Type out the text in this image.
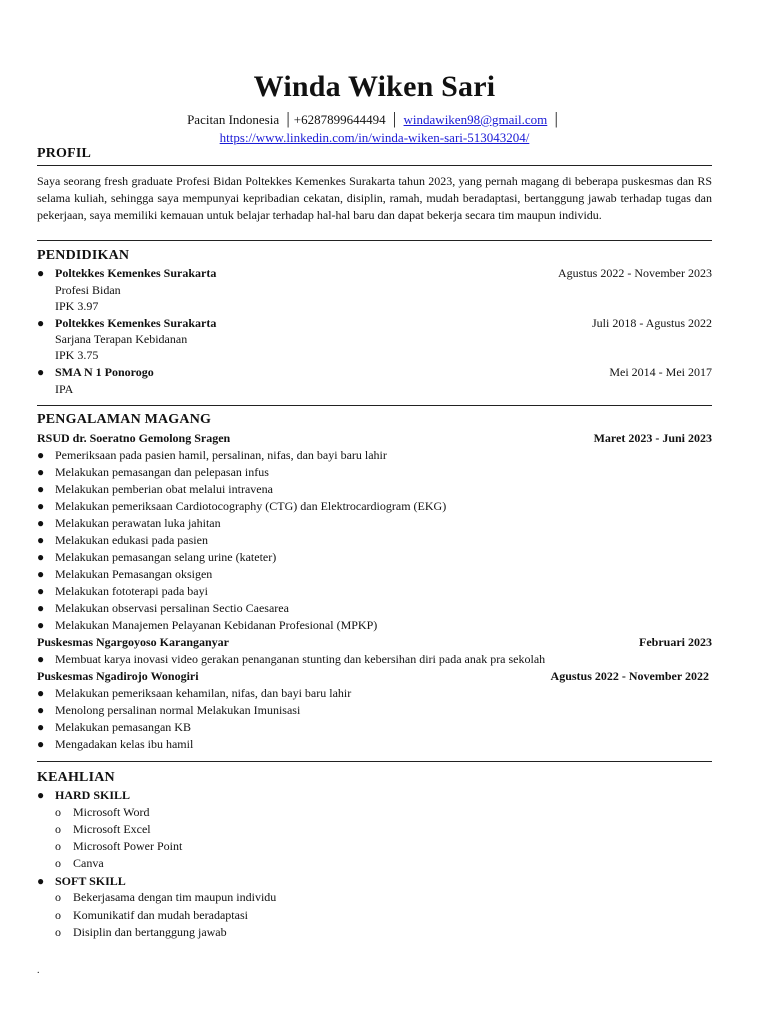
Winda Wiken Sari
Pacitan Indonesia | +6287899644494 | windawiken98@gmail.com |
https://www.linkedin.com/in/winda-wiken-sari-513043204/
PROFIL
Saya seorang fresh graduate Profesi Bidan Poltekkes Kemenkes Surakarta tahun 2023, yang pernah magang di beberapa puskesmas dan RS selama kuliah, sehingga saya mempunyai kepribadian cekatan, disiplin, ramah, mudah beradaptasi, bertanggung jawab terhadap tugas dan pekerjaan, saya memiliki kemauan untuk belajar terhadap hal-hal baru dan dapat bekerja secara tim maupun individu.
PENDIDIKAN
● Poltekkes Kemenkes Surakarta	Agustus 2022 - November 2023
Profesi Bidan
IPK 3.97
● Poltekkes Kemenkes Surakarta	Juli 2018 - Agustus 2022
Sarjana Terapan Kebidanan
IPK 3.75
● SMA N 1 Ponorogo	Mei 2014 - Mei 2017
IPA
PENGALAMAN MAGANG
RSUD dr. Soeratno Gemolong Sragen	Maret 2023 - Juni 2023
● Pemeriksaan pada pasien hamil, persalinan, nifas, dan bayi baru lahir
● Melakukan pemasangan dan pelepasan infus
● Melakukan pemberian obat melalui intravena
● Melakukan pemeriksaan Cardiotocography (CTG) dan Elektrocardiogram (EKG)
● Melakukan perawatan luka jahitan
● Melakukan edukasi pada pasien
● Melakukan pemasangan selang urine (kateter)
● Melakukan Pemasangan oksigen
● Melakukan fototerapi pada bayi
● Melakukan observasi persalinan Sectio Caesarea
● Melakukan Manajemen Pelayanan Kebidanan Profesional (MPKP)
Puskesmas Ngargoyoso Karanganyar	Februari 2023
● Membuat karya inovasi video gerakan penanganan stunting dan kebersihan diri pada anak pra sekolah
Puskesmas Ngadirojo Wonogiri	Agustus 2022 - November 2022
● Melakukan pemeriksaan kehamilan, nifas, dan bayi baru lahir
● Menolong persalinan normal Melakukan Imunisasi
● Melakukan pemasangan KB
● Mengadakan kelas ibu hamil
KEAHLIAN
● HARD SKILL
o Microsoft Word
o Microsoft Excel
o Microsoft Power Point
o Canva
● SOFT SKILL
o Bekerjasama dengan tim maupun individu
o Komunikatif dan mudah beradaptasi
o Disiplin dan bertanggung jawab
.
